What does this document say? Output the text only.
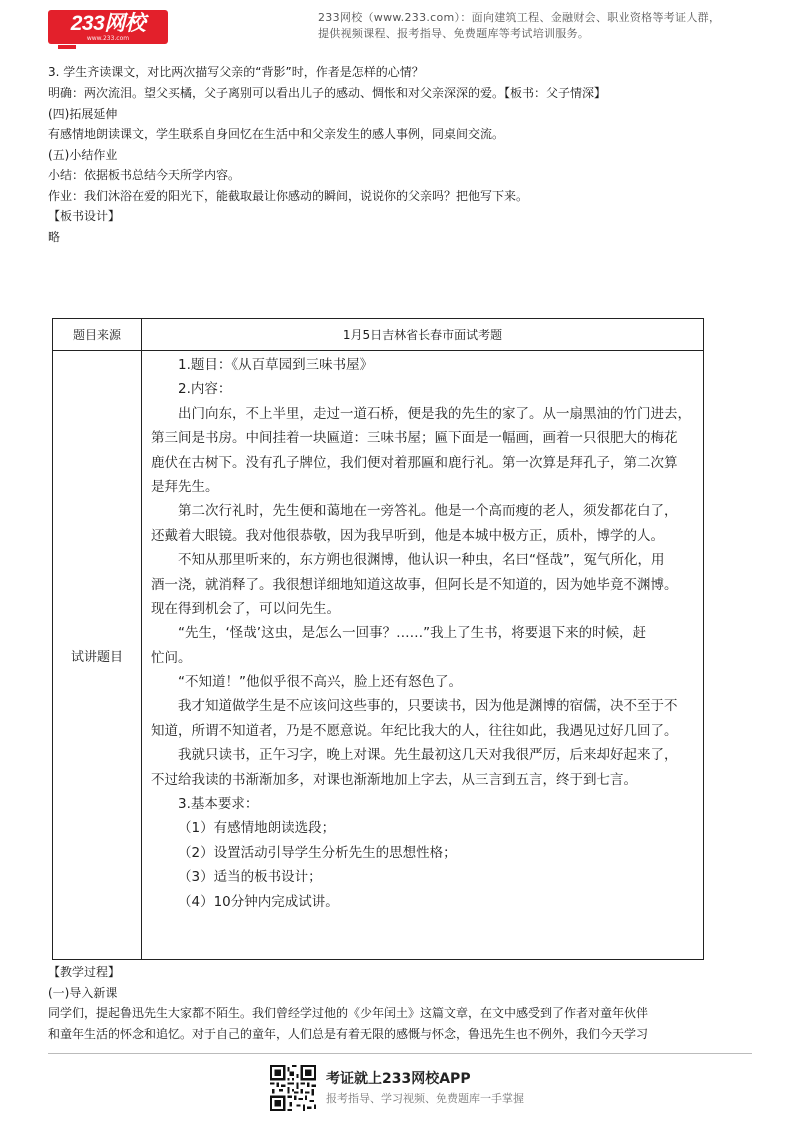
233网校
www.233.com
233网校（www.233.com）：面向建筑工程、金融财会、职业资格等考证人群，
提供视频课程、报考指导、免费题库等考试培训服务。
3. 学生齐读课文，对比两次描写父亲的“背影”时，作者是怎样的心情？
明确：两次流泪。望父买橘，父子离别可以看出儿子的感动、惆怅和对父亲深深的爱。【板书：父子情深】
(四)拓展延伸
有感情地朗读课文，学生联系自身回忆在生活中和父亲发生的感人事例，同桌间交流。
(五)小结作业
小结：依据板书总结今天所学内容。
作业：我们沐浴在爱的阳光下，能截取最让你感动的瞬间，说说你的父亲吗？把他写下来。
【板书设计】
略
题目来源	1月5日吉林省长春市面试考题
试讲题目
1.题目：《从百草园到三味书屋》
2.内容：
出门向东，不上半里，走过一道石桥，便是我的先生的家了。从一扇黑油的竹门进去，
第三间是书房。中间挂着一块匾道：三味书屋；匾下面是一幅画，画着一只很肥大的梅花
鹿伏在古树下。没有孔子牌位，我们便对着那匾和鹿行礼。第一次算是拜孔子，第二次算
是拜先生。
第二次行礼时，先生便和蔼地在一旁答礼。他是一个高而瘦的老人，须发都花白了，
还戴着大眼镜。我对他很恭敬，因为我早听到，他是本城中极方正，质朴，博学的人。
不知从那里听来的，东方朔也很渊博，他认识一种虫，名曰“怪哉”，冤气所化，用
酒一浇，就消释了。我很想详细地知道这故事，但阿长是不知道的，因为她毕竟不渊博。
现在得到机会了，可以问先生。
“先生，‘怪哉’这虫，是怎么一回事？……”我上了生书，将要退下来的时候，赶
忙问。
“不知道！”他似乎很不高兴，脸上还有怒色了。
我才知道做学生是不应该问这些事的，只要读书，因为他是渊博的宿儒，决不至于不
知道，所谓不知道者，乃是不愿意说。年纪比我大的人，往往如此，我遇见过好几回了。
我就只读书，正午习字，晚上对课。先生最初这几天对我很严厉，后来却好起来了，
不过给我读的书渐渐加多，对课也渐渐地加上字去，从三言到五言，终于到七言。
3.基本要求：
（1）有感情地朗读选段；
（2）设置活动引导学生分析先生的思想性格；
（3）适当的板书设计；
（4）10分钟内完成试讲。
【教学过程】
(一)导入新课
同学们，提起鲁迅先生大家都不陌生。我们曾经学过他的《少年闰土》这篇文章，在文中感受到了作者对童年伙伴
和童年生活的怀念和追忆。对于自己的童年，人们总是有着无限的感慨与怀念，鲁迅先生也不例外，我们今天学习
考证就上233网校APP
报考指导、学习视频、免费题库一手掌握
